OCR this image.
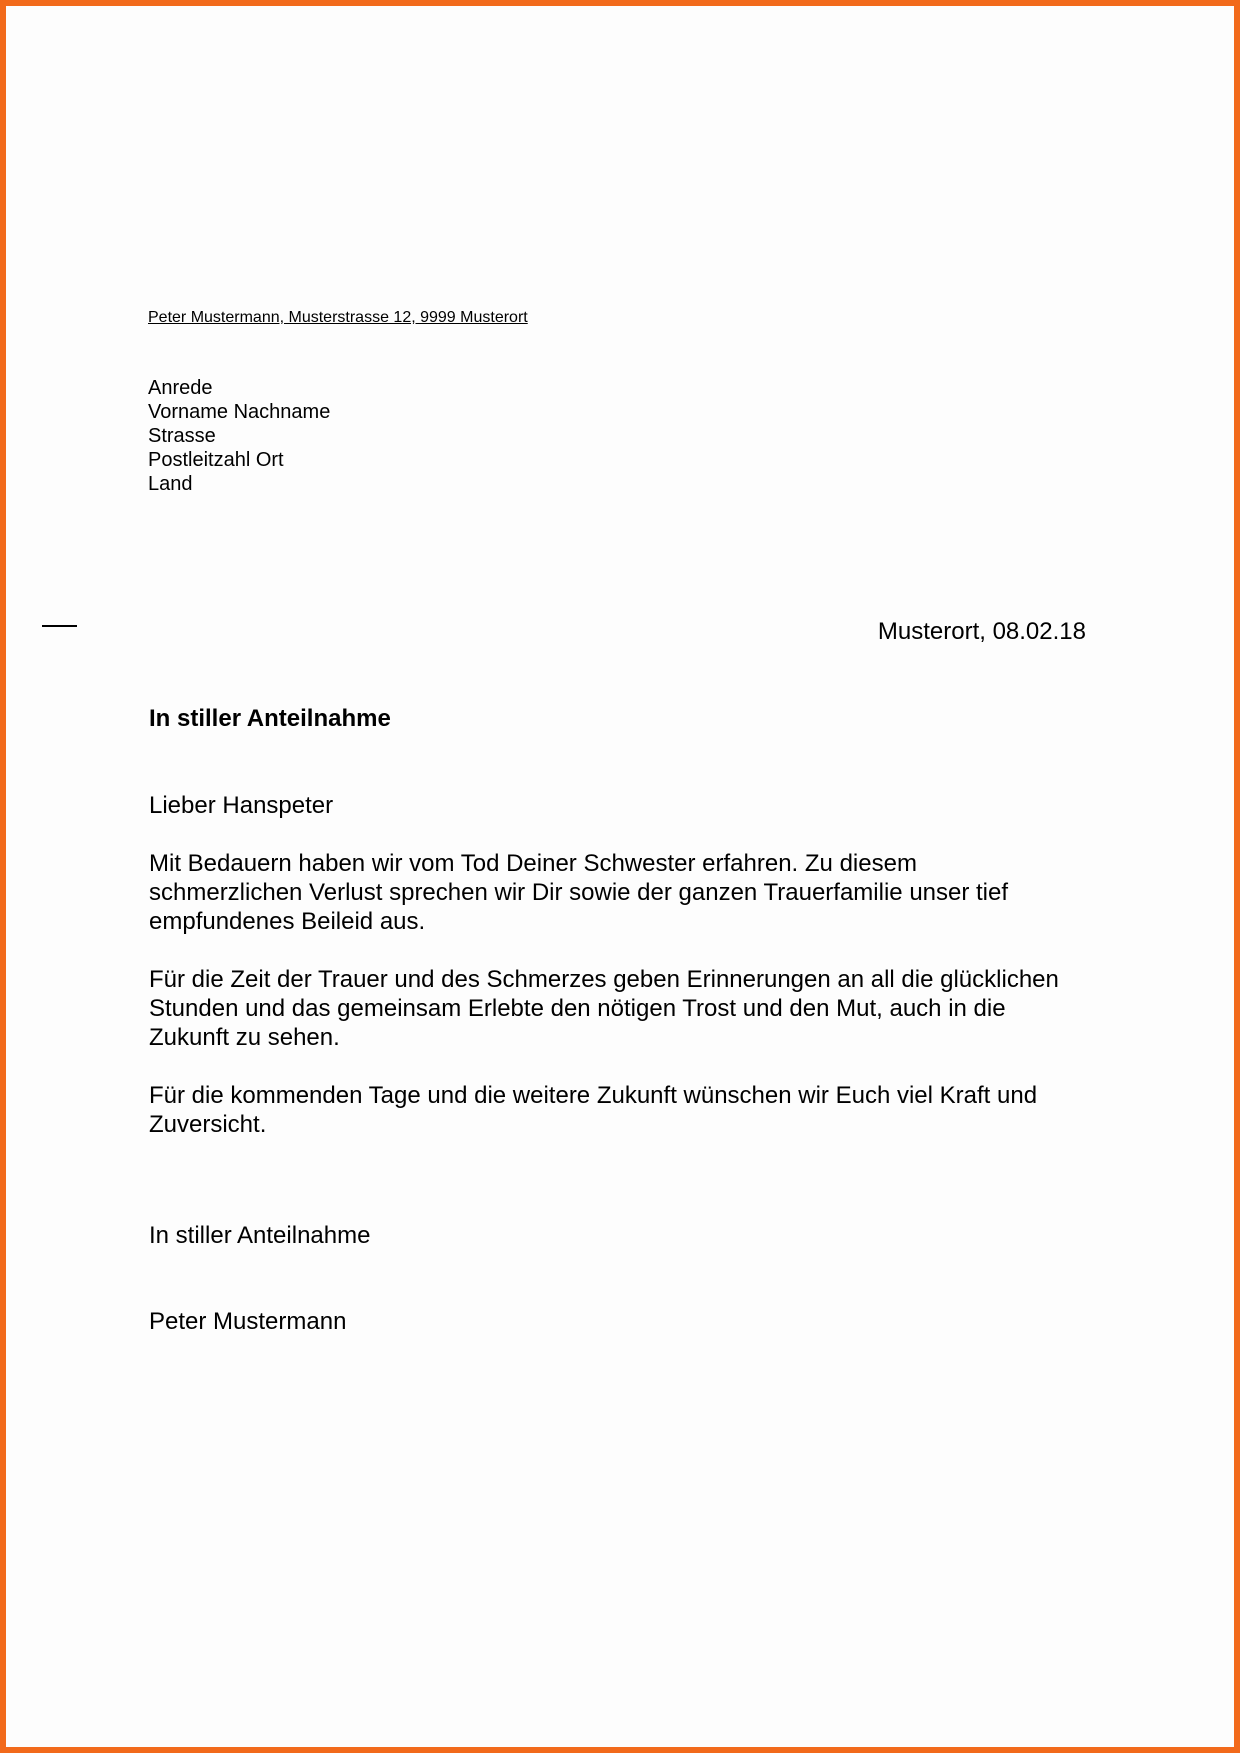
Peter Mustermann, Musterstrasse 12, 9999 Musterort
Anrede
Vorname Nachname
Strasse
Postleitzahl Ort
Land
Musterort, 08.02.18
In stiller Anteilnahme
Lieber Hanspeter

Mit Bedauern haben wir vom Tod Deiner Schwester erfahren. Zu diesem
schmerzlichen Verlust sprechen wir Dir sowie der ganzen Trauerfamilie unser tief
empfundenes Beileid aus.

Für die Zeit der Trauer und des Schmerzes geben Erinnerungen an all die glücklichen
Stunden und das gemeinsam Erlebte den nötigen Trost und den Mut, auch in die
Zukunft zu sehen.

Für die kommenden Tage und die weitere Zukunft wünschen wir Euch viel Kraft und
Zuversicht.

In stiller Anteilnahme
Peter Mustermann
